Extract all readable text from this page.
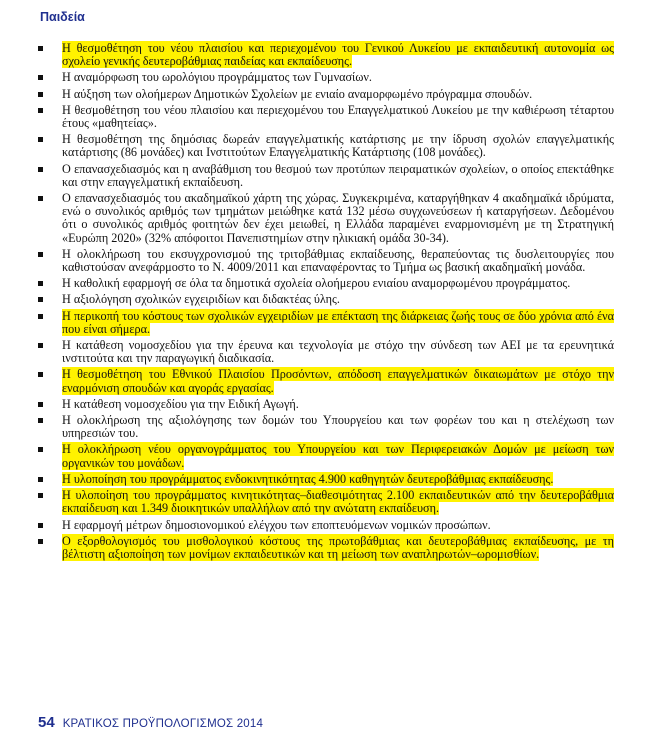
Παιδεία
Η θεσμοθέτηση του νέου πλαισίου και περιεχομένου του Γενικού Λυκείου με εκπαιδευτική αυτονομία ως σχολείο γενικής δευτεροβάθμιας παιδείας και εκπαίδευσης.
Η αναμόρφωση του ωρολόγιου προγράμματος των Γυμνασίων.
Η αύξηση των ολοήμερων Δημοτικών Σχολείων με ενιαίο αναμορφωμένο πρόγραμμα σπουδών.
Η θεσμοθέτηση του νέου πλαισίου και περιεχομένου του Επαγγελματικού Λυκείου με την καθιέρωση τέταρτου έτους «μαθητείας».
Η θεσμοθέτηση της δημόσιας δωρεάν επαγγελματικής κατάρτισης με την ίδρυση σχολών επαγγελματικής κατάρτισης (86 μονάδες) και Ινστιτούτων Επαγγελματικής Κατάρτισης (108 μονάδες).
Ο επανασχεδιασμός και η αναβάθμιση του θεσμού των προτύπων πειραματικών σχολείων, ο οποίος επεκτάθηκε και στην επαγγελματική εκπαίδευση.
Ο επανασχεδιασμός του ακαδημαϊκού χάρτη της χώρας. Συγκεκριμένα, καταργήθηκαν 4 ακαδημαϊκά ιδρύματα, ενώ ο συνολικός αριθμός των τμημάτων μειώθηκε κατά 132 μέσω συγχωνεύσεων ή καταργήσεων. Δεδομένου ότι ο συνολικός αριθμός φοιτητών δεν έχει μειωθεί, η Ελλάδα παραμένει εναρμονισμένη με τη Στρατηγική «Ευρώπη 2020» (32% απόφοιτοι Πανεπιστημίων στην ηλικιακή ομάδα 30-34).
Η ολοκλήρωση του εκσυγχρονισμού της τριτοβάθμιας εκπαίδευσης, θεραπεύοντας τις δυσλειτουργίες που καθιστούσαν ανεφάρμοστο το Ν. 4009/2011 και επαναφέροντας το Τμήμα ως βασική ακαδημαϊκή μονάδα.
Η καθολική εφαρμογή σε όλα τα δημοτικά σχολεία ολοήμερου ενιαίου αναμορφωμένου προγράμματος.
Η αξιολόγηση σχολικών εγχειριδίων και διδακτέας ύλης.
Η περικοπή του κόστους των σχολικών εγχειριδίων με επέκταση της διάρκειας ζωής τους σε δύο χρόνια από ένα που είναι σήμερα.
Η κατάθεση νομοσχεδίου για την έρευνα και τεχνολογία με στόχο την σύνδεση των ΑΕΙ με τα ερευνητικά ινστιτούτα και την παραγωγική διαδικασία.
Η θεσμοθέτηση του Εθνικού Πλαισίου Προσόντων, απόδοση επαγγελματικών δικαιωμάτων με στόχο την εναρμόνιση σπουδών και αγοράς εργασίας.
Η κατάθεση νομοσχεδίου για την Ειδική Αγωγή.
Η ολοκλήρωση της αξιολόγησης των δομών του Υπουργείου και των φορέων του και η στελέχωση των υπηρεσιών του.
Η ολοκλήρωση νέου οργανογράμματος του Υπουργείου και των Περιφερειακών Δομών με μείωση των οργανικών του μονάδων.
Η υλοποίηση του προγράμματος ενδοκινητικότητας 4.900 καθηγητών δευτεροβάθμιας εκπαίδευσης.
Η υλοποίηση του προγράμματος κινητικότητας–διαθεσιμότητας 2.100 εκπαιδευτικών από την δευτεροβάθμια εκπαίδευση και 1.349 διοικητικών υπαλλήλων από την ανώτατη εκπαίδευση.
Η εφαρμογή μέτρων δημοσιονομικού ελέγχου των εποπτευόμενων νομικών προσώπων.
Ο εξορθολογισμός του μισθολογικού κόστους της πρωτοβάθμιας και δευτεροβάθμιας εκπαίδευσης, με τη βέλτιστη αξιοποίηση των μονίμων εκπαιδευτικών και τη μείωση των αναπληρωτών–ωρομισθίων.
54 ΚΡΑΤΙΚΟΣ ΠΡΟΫΠΟΛΟΓΙΣΜΟΣ 2014
